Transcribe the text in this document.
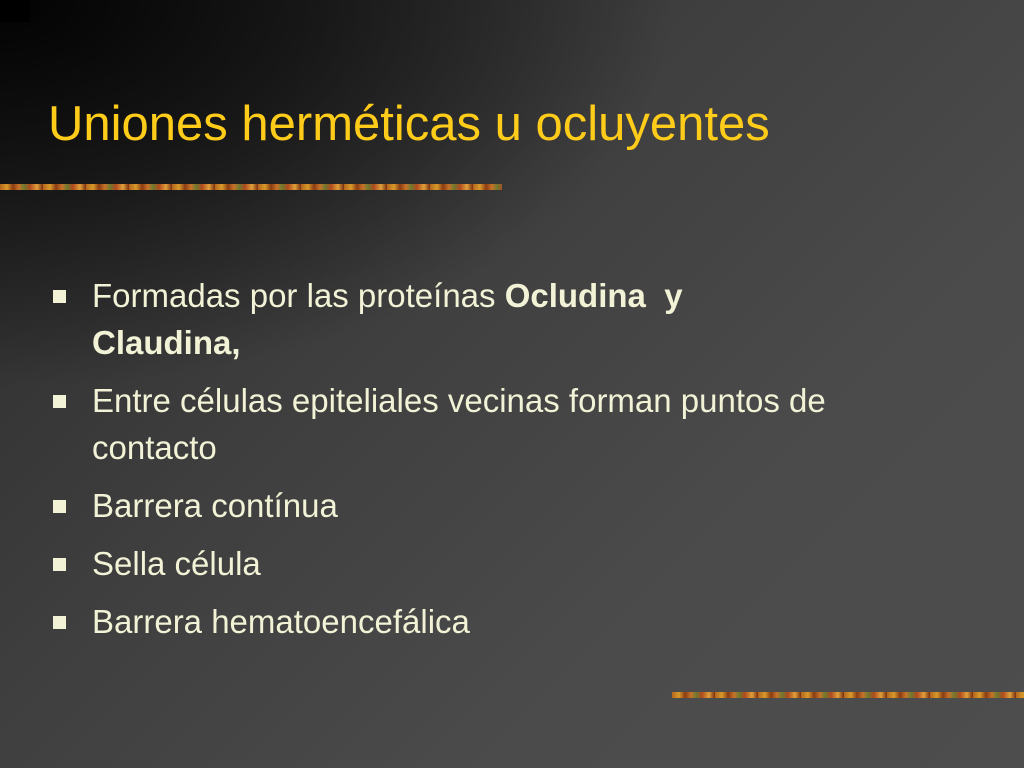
Uniones herméticas u ocluyentes
Formadas por las proteínas Ocludina  y
Claudina,
Entre células epiteliales vecinas forman puntos de contacto
Barrera contínua
Sella célula
Barrera hematoencefálica
